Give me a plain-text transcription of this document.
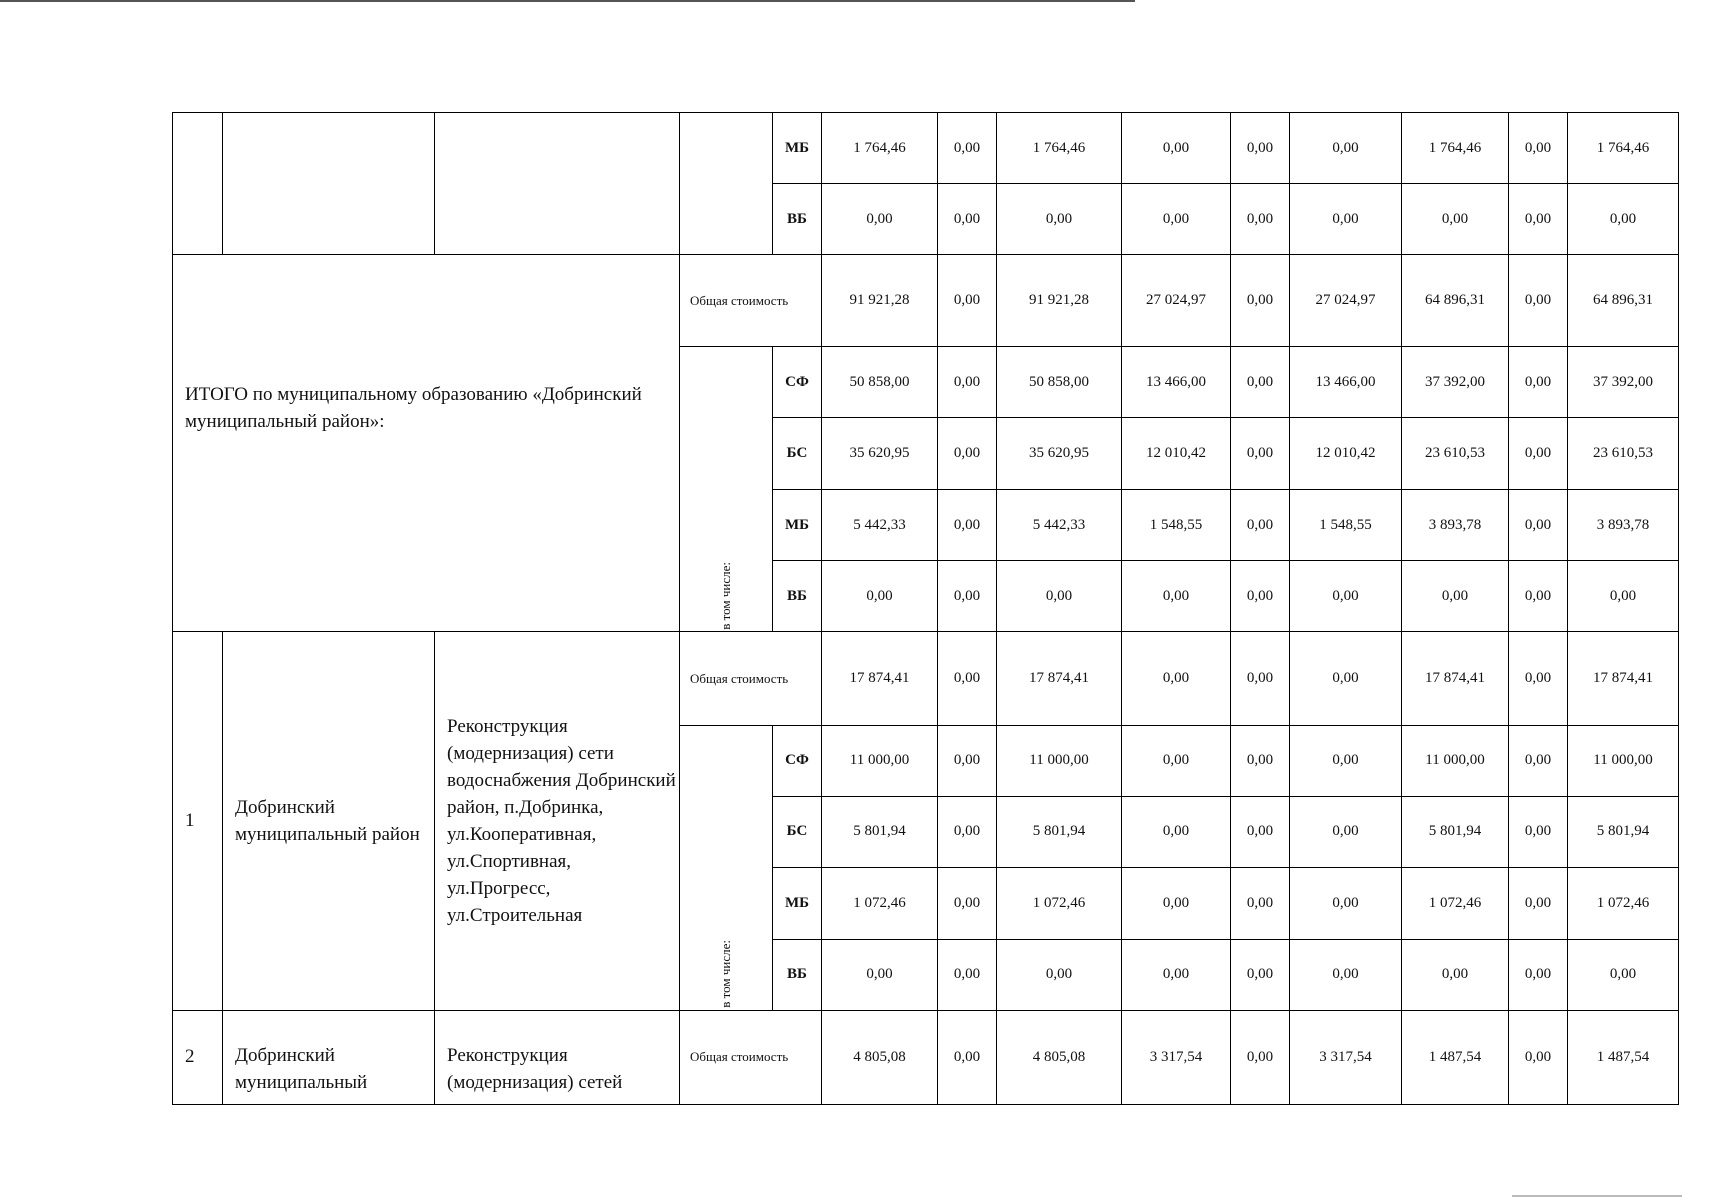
				МБ	1 764,46	0,00	1 764,46	0,00	0,00	0,00	1 764,46	0,00	1 764,46
				ВБ	0,00	0,00	0,00	0,00	0,00	0,00	0,00	0,00	0,00
ИТОГО по муниципальному образованию «Добринский муниципальный район»:			Общая стоимость		91 921,28	0,00	91 921,28	27 024,97	0,00	27 024,97	64 896,31	0,00	64 896,31

			в том числе:	СФ	50 858,00	0,00	50 858,00	13 466,00	0,00	13 466,00	37 392,00	0,00	37 392,00
				БС	35 620,95	0,00	35 620,95	12 010,42	0,00	12 010,42	23 610,53	0,00	23 610,53
				МБ	5 442,33	0,00	5 442,33	1 548,55	0,00	1 548,55	3 893,78	0,00	3 893,78
				ВБ	0,00	0,00	0,00	0,00	0,00	0,00	0,00	0,00	0,00
1	Добринский муниципальный район	Реконструкция (модернизация) сети водоснабжения Добринский район, п.Добринка, ул.Кооперативная, ул.Спортивная, ул.Прогресс, ул.Строительная	Общая стоимость		17 874,41	0,00	17 874,41	0,00	0,00	0,00	17 874,41	0,00	17 874,41

			в том числе:	СФ	11 000,00	0,00	11 000,00	0,00	0,00	0,00	11 000,00	0,00	11 000,00
				БС	5 801,94	0,00	5 801,94	0,00	0,00	0,00	5 801,94	0,00	5 801,94
				МБ	1 072,46	0,00	1 072,46	0,00	0,00	0,00	1 072,46	0,00	1 072,46
				ВБ	0,00	0,00	0,00	0,00	0,00	0,00	0,00	0,00	0,00
2	Добринский муниципальный	Реконструкция (модернизация) сетей	Общая стоимость		4 805,08	0,00	4 805,08	3 317,54	0,00	3 317,54	1 487,54	0,00	1 487,54
